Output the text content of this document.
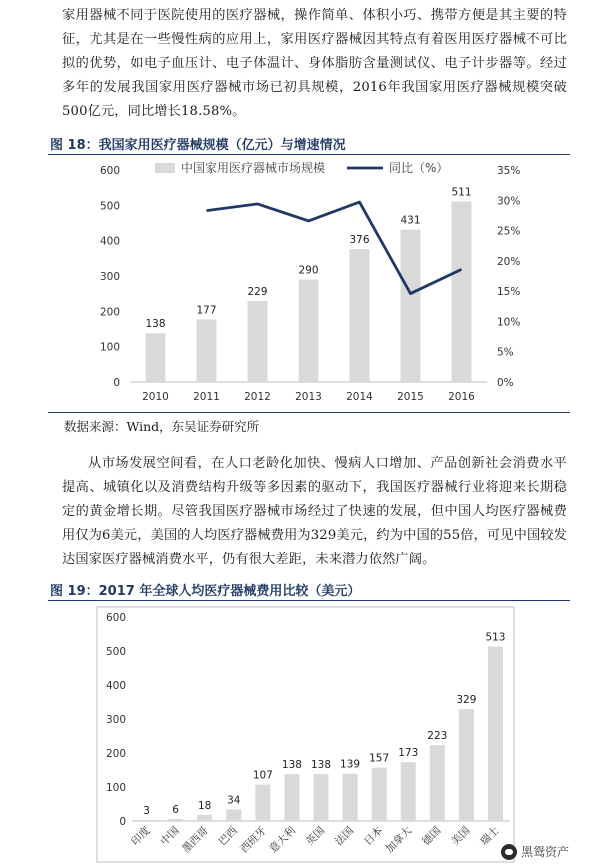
家用器械不同于医院使用的医疗器械，操作简单、体积小巧、携带方便是其主要的特征，尤其是在一些慢性病的应用上，家用医疗器械因其特点有着医用医疗器械不可比拟的优势，如电子血压计、电子体温计、身体脂肪含量测试仪、电子计步器等。经过多年的发展我国家用医疗器械市场已初具规模，2016年我国家用医疗器械规模突破500亿元，同比增长18.58%。
图 18：我国家用医疗器械规模（亿元）与增速情况
0
100
200
300
400
500
600
0%
5%
10%
15%
20%
25%
30%
35%
138
2010
177
2011
229
2012
290
2013
376
2014
431
2015
511
2016
中国家用医疗器械市场规模	同比（%）
数据来源：Wind，东吴证券研究所
从市场发展空间看，在人口老龄化加快、慢病人口增加、产品创新社会消费水平提高、城镇化以及消费结构升级等多因素的驱动下，我国医疗器械行业将迎来长期稳定的黄金增长期。尽管我国医疗器械市场经过了快速的发展，但中国人均医疗器械费用仅为6美元，美国的人均医疗器械费用为329美元，约为中国的55倍，可见中国较发达国家医疗器械消费水平，仍有很大差距，未来潜力依然广阔。
图 19：2017 年全球人均医疗器械费用比较（美元）
0
100
200
300
400
500
600
3
印度
6
中国
18
墨西哥
34
巴西
107
西班牙
138
意大利
138
英国
139
法国
157
日本
173
加拿大
223
德国
329
美国
513
瑞士
黑鸳资产
